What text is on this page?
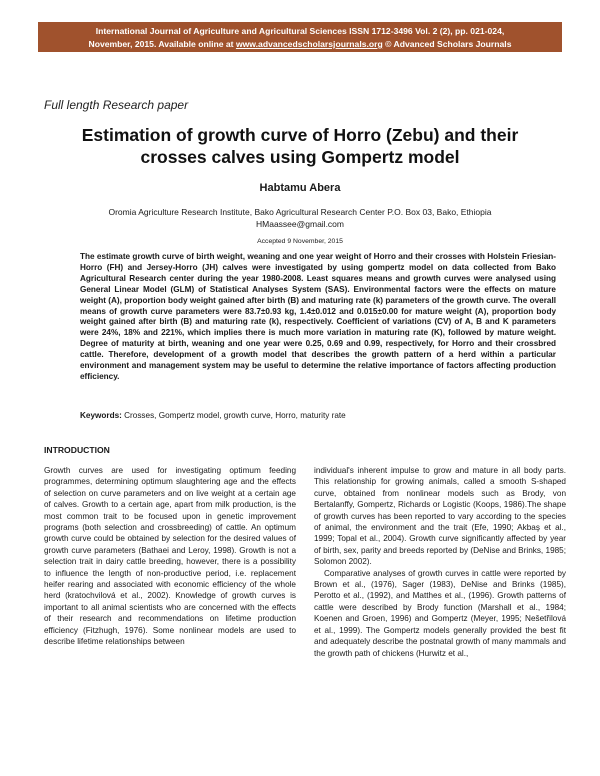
International Journal of Agriculture and Agricultural Sciences ISSN 1712-3496 Vol. 2 (2), pp. 021-024,
November, 2015. Available online at www.advancedscholarsjournals.org © Advanced Scholars Journals
Full length Research paper
Estimation of growth curve of Horro (Zebu) and their crosses calves using Gompertz model
Habtamu Abera
Oromia Agriculture Research Institute, Bako Agricultural Research Center P.O. Box 03, Bako, Ethiopia
HMaassee@gmail.com
Accepted 9 November, 2015
The estimate growth curve of birth weight, weaning and one year weight of Horro and their crosses with Holstein Friesian-Horro (FH) and Jersey-Horro (JH) calves were investigated by using gompertz model on data collected from Bako Agricultural Research center during the year 1980-2008. Least squares means and growth curves were analysed using General Linear Model (GLM) of Statistical Analyses System (SAS). Environmental factors were the effects on mature weight (A), proportion body weight gained after birth (B) and maturing rate (k) parameters of the growth curve. The overall means of growth curve parameters were 83.7±0.93 kg, 1.4±0.012 and 0.015±0.00 for mature weight (A), proportion body weight gained after birth (B) and maturing rate (k), respectively. Coefficient of variations (CV) of A, B and K parameters were 24%, 18% and 221%, which implies there is much more variation in maturing rate (K), followed by mature weight. Degree of maturity at birth, weaning and one year were 0.25, 0.69 and 0.99, respectively, for Horro and their crossbred cattle. Therefore, development of a growth model that describes the growth pattern of a herd within a particular environment and management system may be useful to determine the relative importance of factors affecting production efficiency.
Keywords: Crosses, Gompertz model, growth curve, Horro, maturity rate
INTRODUCTION

Growth curves are used for investigating optimum feeding programmes, determining optimum slaughtering age and the effects of selection on curve parameters and on live weight at a certain age of calves. Growth to a certain age, apart from milk production, is the most common trait to be focused upon in genetic improvement programs (both selection and crossbreeding) of cattle. An optimum growth curve could be obtained by selection for the desired values of growth curve parameters (Bathaei and Leroy, 1998). Growth is not a selection trait in dairy cattle breeding, however, there is a possibility to influence the length of non-productive period, i.e. replacement heifer rearing and associated with economic efficiency of the whole herd (kratochvilová et al., 2002). Knowledge of growth curves is important to all animal scientists who are concerned with the effects of their research and recommendations on lifetime production efficiency (Fitzhugh, 1976). Some nonlinear models are used to describe lifetime relationships between

individual's inherent impulse to grow and mature in all body parts. This relationship for growing animals, called a smooth S-shaped curve, obtained from nonlinear models such as Brody, von Bertalanffy, Gompertz, Richards or Logistic (Koops, 1986).The shape of growth curves has been reported to vary according to the species of animal, the environment and the trait (Efe, 1990; Akbaş et al., 1999; Topal et al., 2004). Growth curve significantly affected by year of birth, sex, parity and breeds reported by (DeNise and Brinks, 1985; Solomon 2002).

Comparative analyses of growth curves in cattle were reported by Brown et al., (1976), Sager (1983), DeNise and Brinks (1985), Perotto et al., (1992), and Matthes et al., (1996). Growth patterns of cattle were described by Brody function (Marshall et al., 1984; Koenen and Groen, 1996) and Gompertz (Meyer, 1995; Nešetřilová et al., 1999). The Gompertz models generally provided the best fit and adequately describe the postnatal growth of many mammals and the growth path of chickens (Hurwitz et al.,
